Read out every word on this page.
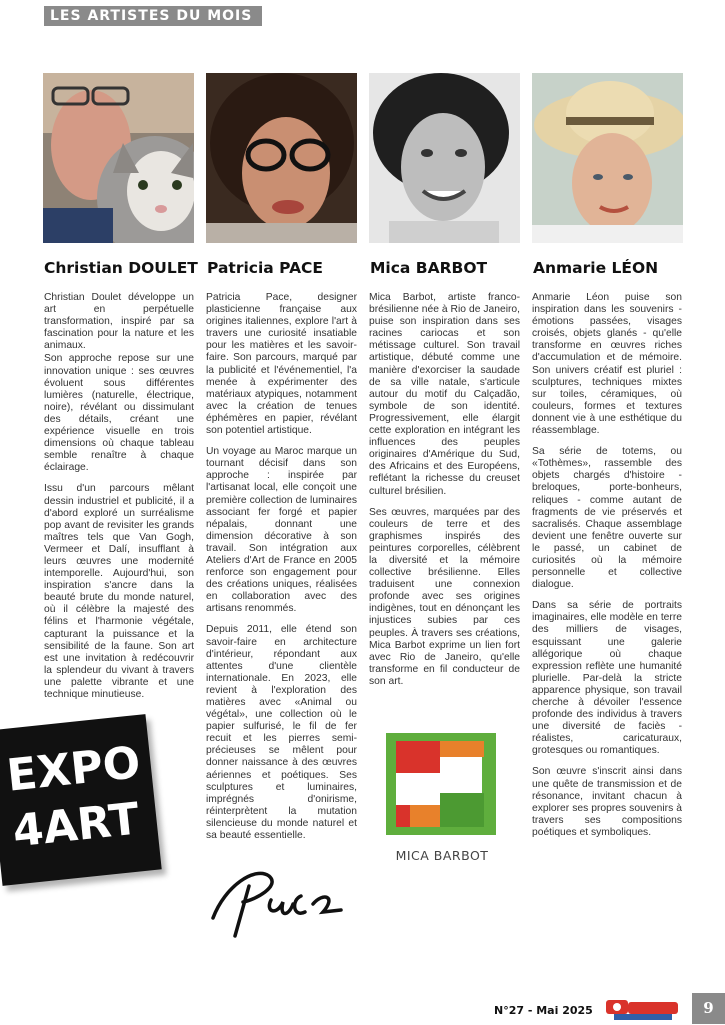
LES ARTISTES DU MOIS
Christian DOULET Patricia PACE	Mica BARBOT	Anmarie LÉON

Christian Doulet développe un art en perpétuelle transformation, inspiré par sa fascination pour la nature et les animaux.

Son approche repose sur une innovation unique : ses œuvres évoluent sous différentes lumières (naturelle, électrique, noire), révélant ou dissimulant des détails, créant une expérience visuelle en trois dimensions où chaque tableau semble renaître à chaque éclairage.

Issu d'un parcours mêlant dessin industriel et publicité, il a d'abord exploré un surréalisme pop avant de revisiter les grands maîtres tels que Van Gogh, Vermeer et Dalí, insufflant à leurs œuvres une modernité intemporelle. Aujourd'hui, son inspiration s'ancre dans la beauté brute du monde naturel, où il célèbre la majesté des félins et l'harmonie végétale, capturant la puissance et la sensibilité de la faune. Son art est une invitation à redécouvrir la splendeur du vivant à travers une palette vibrante et une technique minutieuse.

Patricia Pace, designer plasticienne française aux origines italiennes, explore l'art à travers une curiosité insatiable pour les matières et les savoir-faire. Son parcours, marqué par la publicité et l'événementiel, l'a menée à expérimenter des matériaux atypiques, notamment avec la création de tenues éphémères en papier, révélant son potentiel artistique.

Un voyage au Maroc marque un tournant décisif dans son approche : inspirée par l'artisanat local, elle conçoit une première collection de luminaires associant fer forgé et papier népalais, donnant une dimension décorative à son travail. Son intégration aux Ateliers d'Art de France en 2005 renforce son engagement pour des créations uniques, réalisées en collaboration avec des artisans renommés.

Depuis 2011, elle étend son savoir-faire en architecture d'intérieur, répondant aux attentes d'une clientèle internationale. En 2023, elle revient à l'exploration des matières avec «Animal ou végétal», une collection où le papier sulfurisé, le fil de fer recuit et les pierres semi-précieuses se mêlent pour donner naissance à des œuvres aériennes et poétiques. Ses sculptures et luminaires, imprégnés d'onirisme, réinterprètent la mutation silencieuse du monde naturel et sa beauté essentielle.

Mica Barbot, artiste franco-brésilienne née à Rio de Janeiro, puise son inspiration dans ses racines cariocas et son métissage culturel. Son travail artistique, débuté comme une manière d'exorciser la saudade de sa ville natale, s'articule autour du motif du Calçadão, symbole de son identité. Progressivement, elle élargit cette exploration en intégrant les influences des peuples originaires d'Amérique du Sud, des Africains et des Européens, reflétant la richesse du creuset culturel brésilien.

Ses œuvres, marquées par des couleurs de terre et des graphismes inspirés des peintures corporelles, célèbrent la diversité et la mémoire collective brésilienne. Elles traduisent une connexion profonde avec ses origines indigènes, tout en dénonçant les injustices subies par ces peuples. À travers ses créations, Mica Barbot exprime un lien fort avec Rio de Janeiro, qu'elle transforme en fil conducteur de son art.

Anmarie Léon puise son inspiration dans les souvenirs - émotions passées, visages croisés, objets glanés - qu'elle transforme en œuvres riches d'accumulation et de mémoire. Son univers créatif est pluriel : sculptures, techniques mixtes sur toiles, céramiques, où couleurs, formes et textures donnent vie à une esthétique du réassemblage.

Sa série de totems, ou «Tothèmes», rassemble des objets chargés d'histoire - breloques, porte-bonheurs, reliques - comme autant de fragments de vie préservés et sacralisés. Chaque assemblage devient une fenêtre ouverte sur le passé, un cabinet de curiosités où la mémoire personnelle et collective dialogue.

Dans sa série de portraits imaginaires, elle modèle en terre des milliers de visages, esquissant une galerie allégorique où chaque expression reflète une humanité plurielle. Par-delà la stricte apparence physique, son travail cherche à dévoiler l'essence profonde des individus à travers une diversité de faciès - réalistes, caricaturaux, grotesques ou romantiques.

Son œuvre s'inscrit ainsi dans une quête de transmission et de résonance, invitant chacun à explorer ses propres souvenirs à travers ses compositions poétiques et symboliques.

EXPO
4ART	MICA BARBOT
N°27 - Mai 2025	9
